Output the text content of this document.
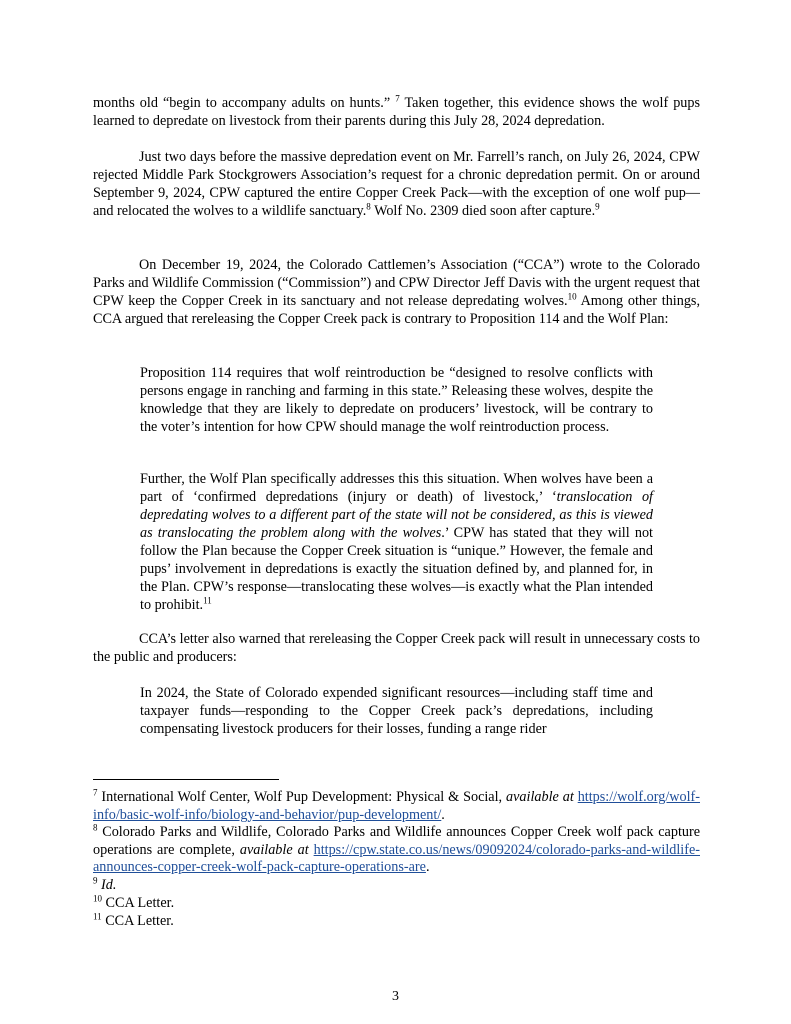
months old “begin to accompany adults on hunts.” $^7$ Taken together, this evidence shows the wolf pups learned to depredate on livestock from their parents during this July 28, 2024 depredation.

Just two days before the massive depredation event on Mr. Farrell’s ranch, on July 26, 2024, CPW rejected Middle Park Stockgrowers Association’s request for a chronic depredation permit. On or around September 9, 2024, CPW captured the entire Copper Creek Pack—with the exception of one wolf pup—and relocated the wolves to a wildlife sanctuary.$^8$ Wolf No. 2309 died soon after capture.$^9$

On December 19, 2024, the Colorado Cattlemen’s Association (“CCA”) wrote to the Colorado Parks and Wildlife Commission (“Commission”) and CPW Director Jeff Davis with the urgent request that CPW keep the Copper Creek in its sanctuary and not release depredating wolves.$^{10}$ Among other things, CCA argued that rereleasing the Copper Creek pack is contrary to Proposition 114 and the Wolf Plan:

Proposition 114 requires that wolf reintroduction be “designed to resolve conflicts with persons engage in ranching and farming in this state.” Releasing these wolves, despite the knowledge that they are likely to depredate on producers’ livestock, will be contrary to the voter’s intention for how CPW should manage the wolf reintroduction process.

Further, the Wolf Plan specifically addresses this this situation. When wolves have been a part of ‘confirmed depredations (injury or death) of livestock,’ ‘translocation of depredating wolves to a different part of the state will not be considered, as this is viewed as translocating the problem along with the wolves.’ CPW has stated that they will not follow the Plan because the Copper Creek situation is “unique.” However, the female and pups’ involvement in depredations is exactly the situation defined by, and planned for, in the Plan. CPW’s response—translocating these wolves—is exactly what the Plan intended to prohibit.$^{11}$

CCA’s letter also warned that rereleasing the Copper Creek pack will result in unnecessary costs to the public and producers:

In 2024, the State of Colorado expended significant resources—including staff time and taxpayer funds—responding to the Copper Creek pack’s depredations, including compensating livestock producers for their losses, funding a range rider

$^7$ International Wolf Center, Wolf Pup Development: Physical & Social, available at https://wolf.org/wolf-info/basic-wolf-info/biology-and-behavior/pup-development/.

$^8$ Colorado Parks and Wildlife, Colorado Parks and Wildlife announces Copper Creek wolf pack capture operations are complete, available at https://cpw.state.co.us/news/09092024/colorado-parks-and-wildlife-announces-copper-creek-wolf-pack-capture-operations-are.

$^9$ Id.

$^{10}$ CCA Letter.

$^{11}$ CCA Letter.

3
